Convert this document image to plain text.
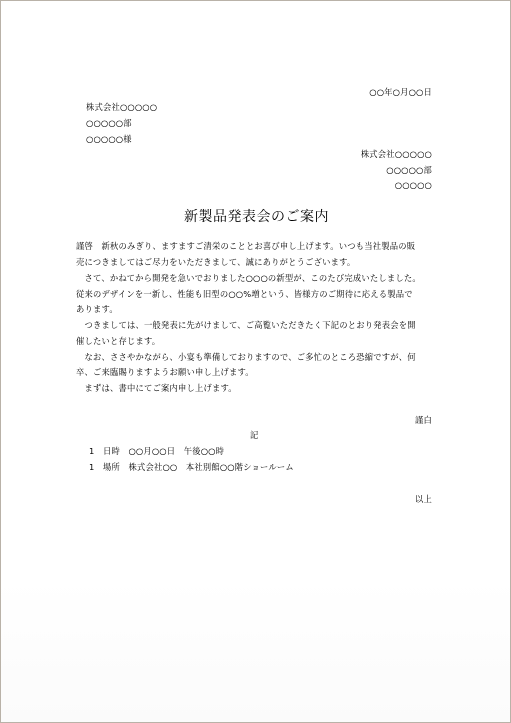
○○年○月○○日
株式会社○○○○○
○○○○○部
○○○○○様
株式会社○○○○○
○○○○○部
○○○○○
新製品発表会のご案内
謹啓　新秋のみぎり、ますますご清栄のこととお喜び申し上げます。いつも当社製品の販
売につきましてはご尽力をいただきまして、誠にありがとうございます。
　さて、かねてから開発を急いでおりました○○○の新型が、このたび完成いたしました。
従来のデザインを一新し、性能も旧型の○○%増という、皆様方のご期待に応える製品で
あります。
　つきましては、一般発表に先がけまして、ご高覧いただきたく下記のとおり発表会を開
催したいと存じます。
　なお、ささやかながら、小宴も準備しておりますので、ご多忙のところ恐縮ですが、何
卒、ご来臨賜りますようお願い申し上げます。
　まずは、書中にてご案内申し上げます。
謹白
記
1　日時　○○月○○日　午後○○時
1　場所　株式会社○○　本社別館○○階ショールーム
以上
